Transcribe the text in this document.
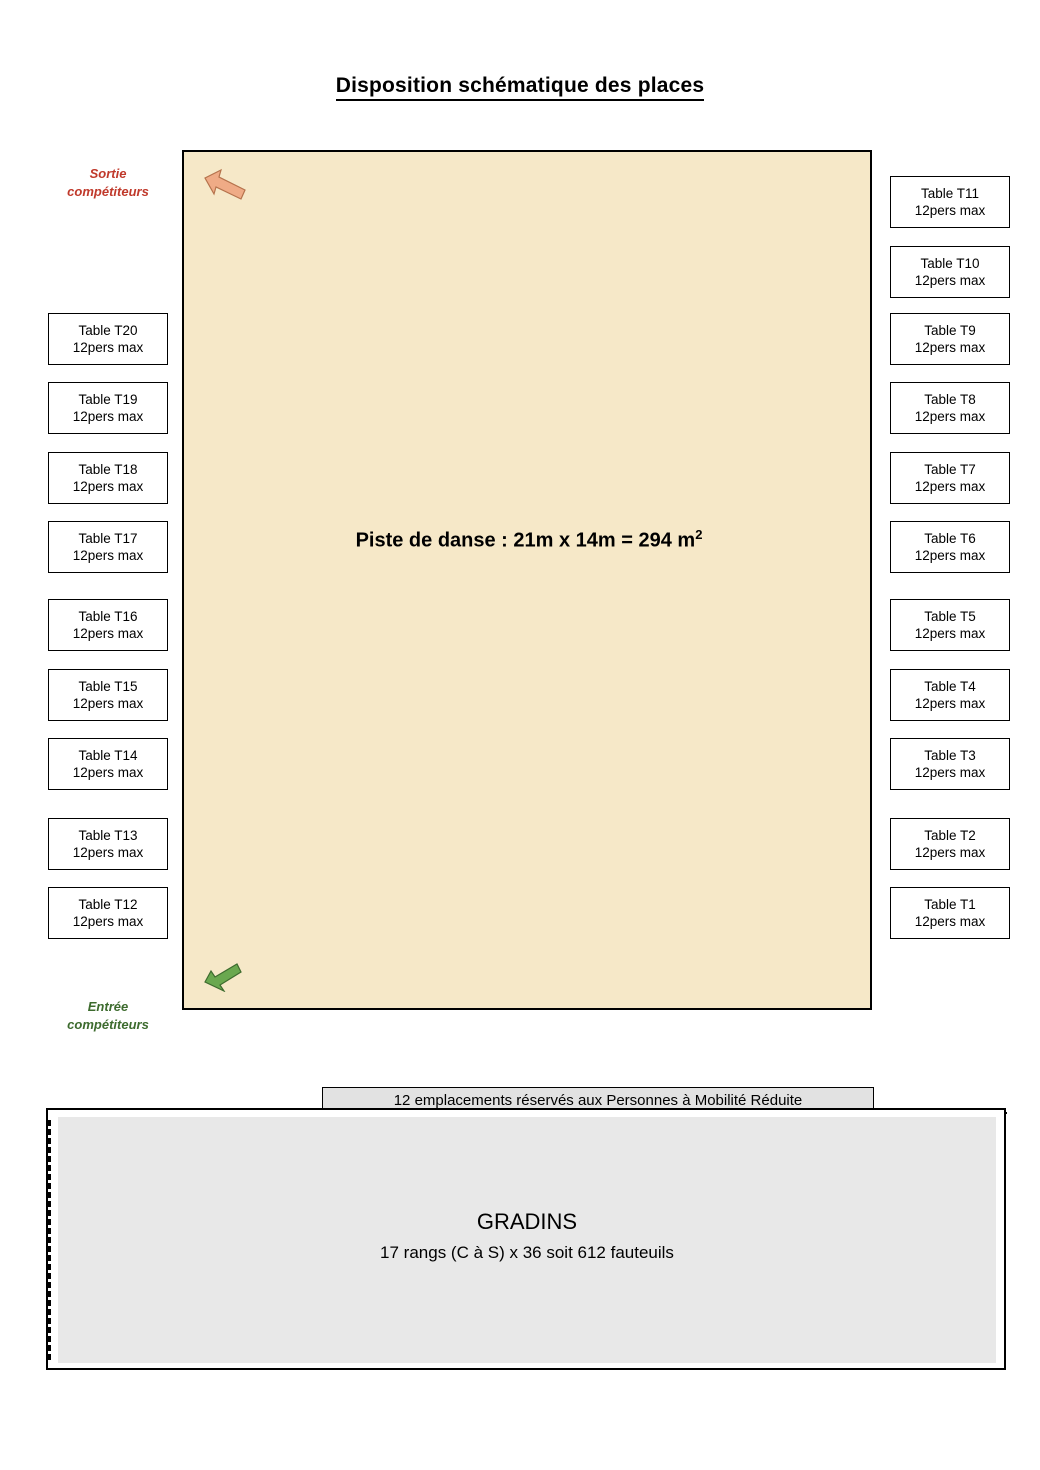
Disposition schématique des places
Piste de danse : 21m x 14m = 294 $m^2$
Sortie
compétiteurs
Entrée
compétiteurs
Table T11
12pers max
Table T10
12pers max
Table T9
12pers max
Table T8
12pers max
Table T7
12pers max
Table T6
12pers max
Table T5
12pers max
Table T4
12pers max
Table T3
12pers max
Table T2
12pers max
Table T1
12pers max
Table T20
12pers max
Table T19
12pers max
Table T18
12pers max
Table T17
12pers max
Table T16
12pers max
Table T15
12pers max
Table T14
12pers max
Table T13
12pers max
Table T12
12pers max
12 emplacements réservés aux Personnes à Mobilité Réduite
GRADINS
17 rangs (C à S) x 36 soit 612 fauteuils
